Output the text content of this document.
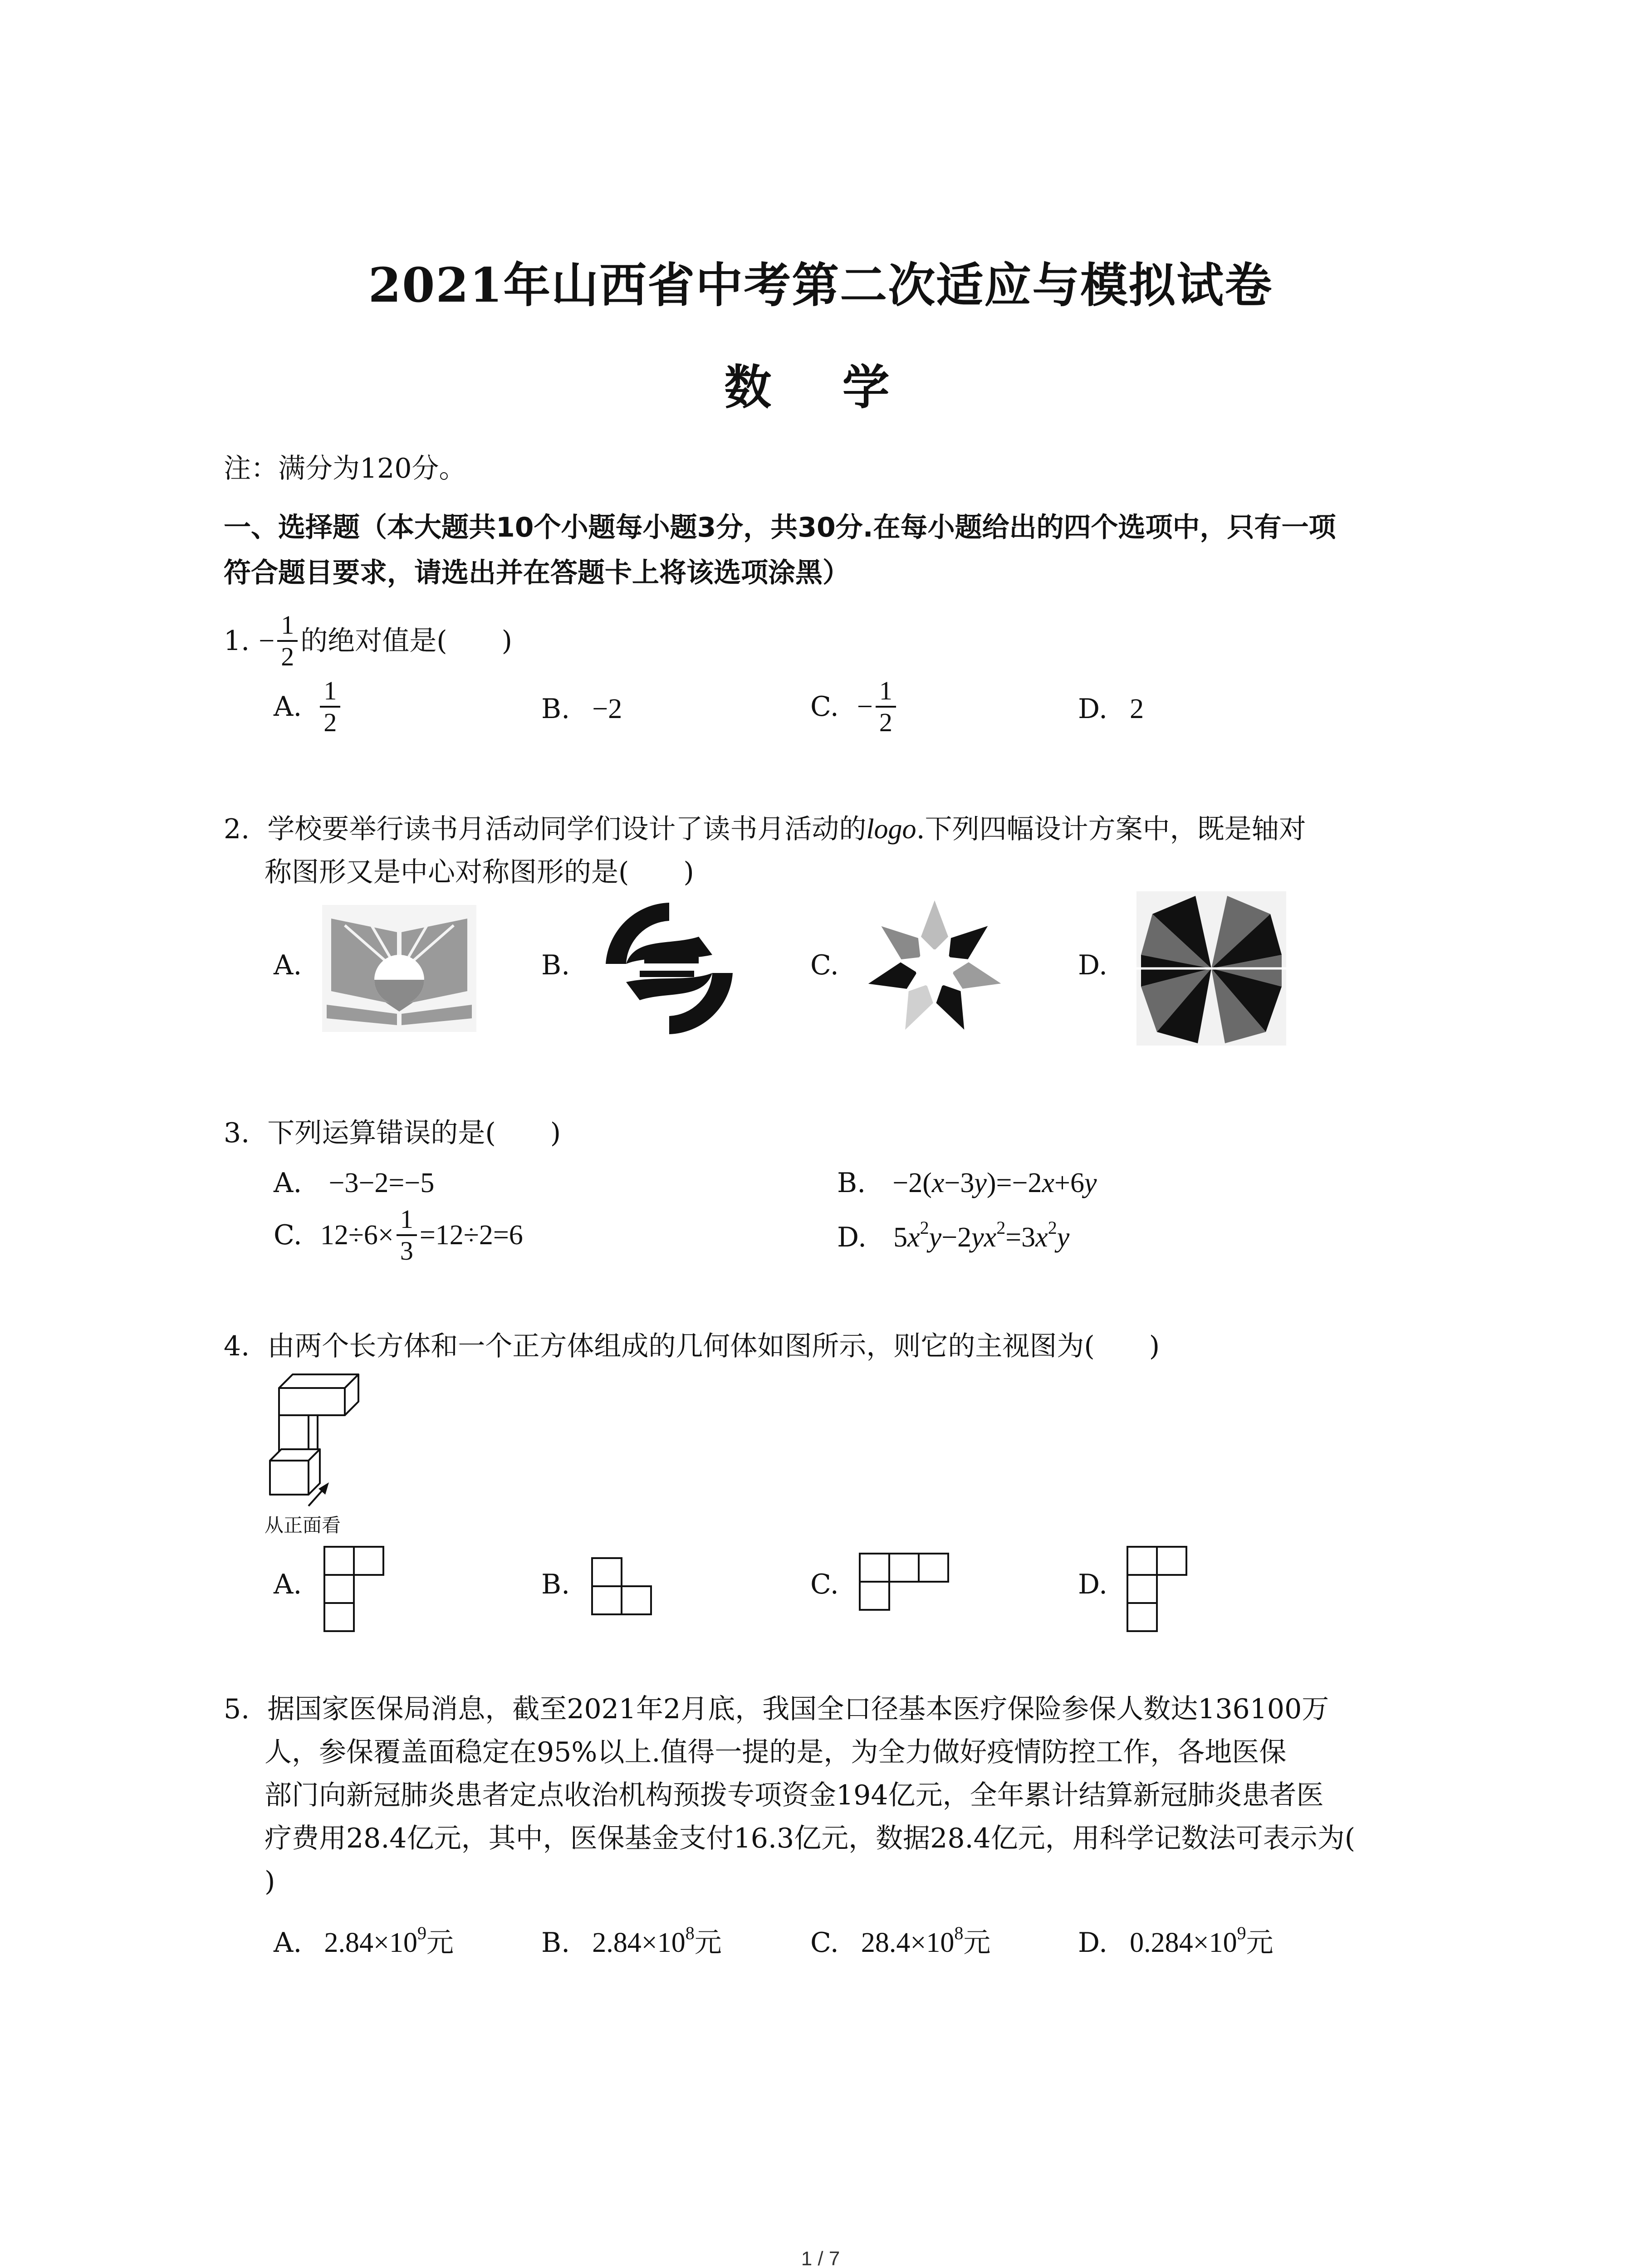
2021年山西省中考第二次适应与模拟试卷
数 学
注：满分为120分。
一、选择题（本大题共10个小题每小题3分，共30分.在每小题给出的四个选项中，只有一项
符合题目要求，请选出并在答题卡上将该选项涂黑）
1. − $\frac{1}{2}$ 的绝对值是(　　)
A. $\frac{1}{2}$	B. −2	C. − $\frac{1}{2}$	D. 2
2. 学校要举行读书月活动同学们设计了读书月活动的logo.下列四幅设计方案中，既是轴对
称图形又是中心对称图形的是(　　)
A.	B.	C.	D.
3. 下列运算错误的是(　　)
A. −3−2=−5	B. −2(x−3y)=−2x+6y
C. $12\div 6\times \frac{1}{3} =12\div 2=6$	D. $5x^2y-2yx^2=3x^2y$
4. 由两个长方体和一个正方体组成的几何体如图所示，则它的主视图为(　　)
从正面看
A.	B.	C.	D.
5. 据国家医保局消息，截至2021年2月底，我国全口径基本医疗保险参保人数达136100万
人，参保覆盖面稳定在95%以上.值得一提的是，为全力做好疫情防控工作，各地医保
部门向新冠肺炎患者定点收治机构预拨专项资金194亿元，全年累计结算新冠肺炎患者医
疗费用28.4亿元，其中，医保基金支付16.3亿元，数据28.4亿元，用科学记数法可表示为(
)
A. $2.84\times 10^9$元	B. $2.84\times 10^8$元	C. $28.4\times 10^8$元	D. $0.284\times 10^9$元
1 / 7
